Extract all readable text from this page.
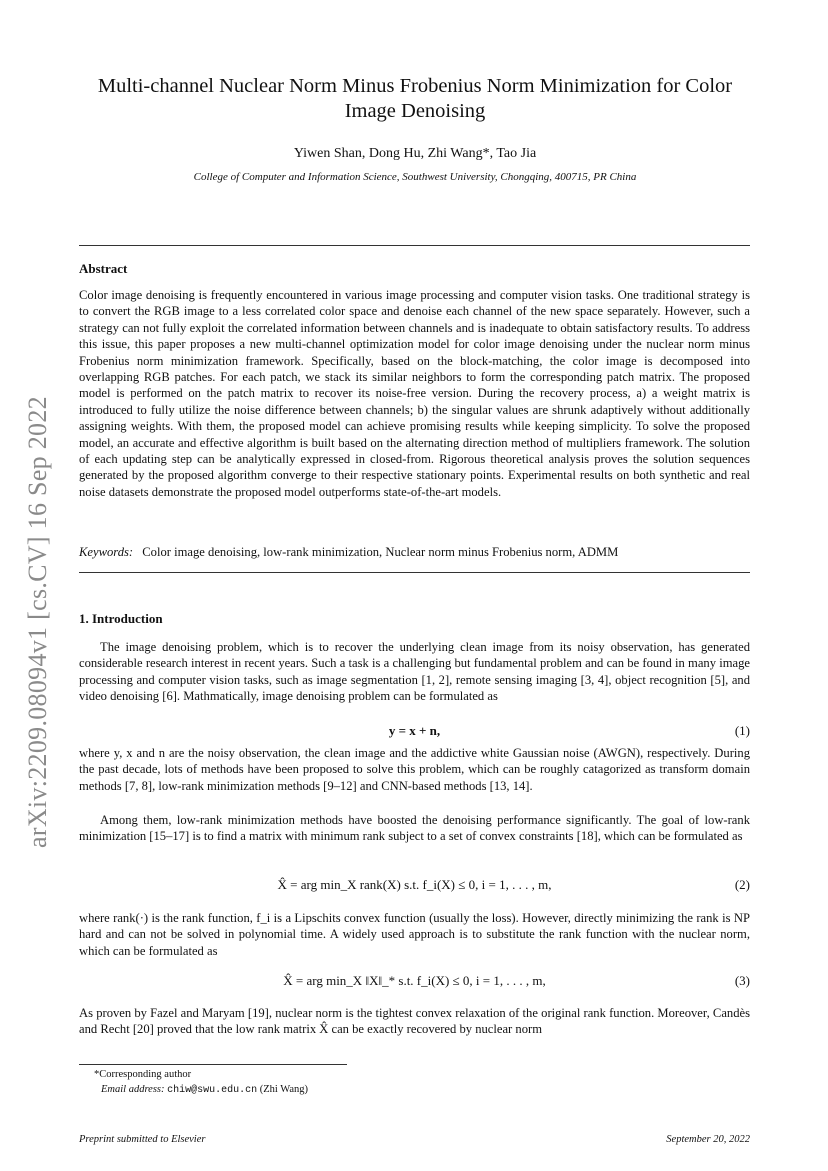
arXiv:2209.08094v1 [cs.CV] 16 Sep 2022
Multi-channel Nuclear Norm Minus Frobenius Norm Minimization for Color Image Denoising
Yiwen Shan, Dong Hu, Zhi Wang*, Tao Jia
College of Computer and Information Science, Southwest University, Chongqing, 400715, PR China
Abstract
Color image denoising is frequently encountered in various image processing and computer vision tasks. One traditional strategy is to convert the RGB image to a less correlated color space and denoise each channel of the new space separately. However, such a strategy can not fully exploit the correlated information between channels and is inadequate to obtain satisfactory results. To address this issue, this paper proposes a new multi-channel optimization model for color image denoising under the nuclear norm minus Frobenius norm minimization framework. Specifically, based on the block-matching, the color image is decomposed into overlapping RGB patches. For each patch, we stack its similar neighbors to form the corresponding patch matrix. The proposed model is performed on the patch matrix to recover its noise-free version. During the recovery process, a) a weight matrix is introduced to fully utilize the noise difference between channels; b) the singular values are shrunk adaptively without additionally assigning weights. With them, the proposed model can achieve promising results while keeping simplicity. To solve the proposed model, an accurate and effective algorithm is built based on the alternating direction method of multipliers framework. The solution of each updating step can be analytically expressed in closed-from. Rigorous theoretical analysis proves the solution sequences generated by the proposed algorithm converge to their respective stationary points. Experimental results on both synthetic and real noise datasets demonstrate the proposed model outperforms state-of-the-art models.
Keywords: Color image denoising, low-rank minimization, Nuclear norm minus Frobenius norm, ADMM
1. Introduction
The image denoising problem, which is to recover the underlying clean image from its noisy observation, has generated considerable research interest in recent years. Such a task is a challenging but fundamental problem and can be found in many image processing and computer vision tasks, such as image segmentation [1, 2], remote sensing imaging [3, 4], object recognition [5], and video denoising [6]. Mathmatically, image denoising problem can be formulated as
y = x + n,	(1)
where y, x and n are the noisy observation, the clean image and the addictive white Gaussian noise (AWGN), respectively. During the past decade, lots of methods have been proposed to solve this problem, which can be roughly catagorized as transform domain methods [7, 8], low-rank minimization methods [9–12] and CNN-based methods [13, 14].
Among them, low-rank minimization methods have boosted the denoising performance significantly. The goal of low-rank minimization [15–17] is to find a matrix with minimum rank subject to a set of convex constraints [18], which can be formulated as
X̂ = arg min_X rank(X) s.t. f_i(X) ≤ 0, i = 1, . . . , m,	(2)
where rank(·) is the rank function, f_i is a Lipschits convex function (usually the loss). However, directly minimizing the rank is NP hard and can not be solved in polynomial time. A widely used approach is to substitute the rank function with the nuclear norm, which can be formulated as
X̂ = arg min_X ‖X‖_* s.t. f_i(X) ≤ 0, i = 1, . . . , m,	(3)
As proven by Fazel and Maryam [19], nuclear norm is the tightest convex relaxation of the original rank function. Moreover, Candès and Recht [20] proved that the low rank matrix X̂ can be exactly recovered by nuclear norm
*Corresponding author
Email address: chiw@swu.edu.cn (Zhi Wang)
Preprint submitted to Elsevier	September 20, 2022
